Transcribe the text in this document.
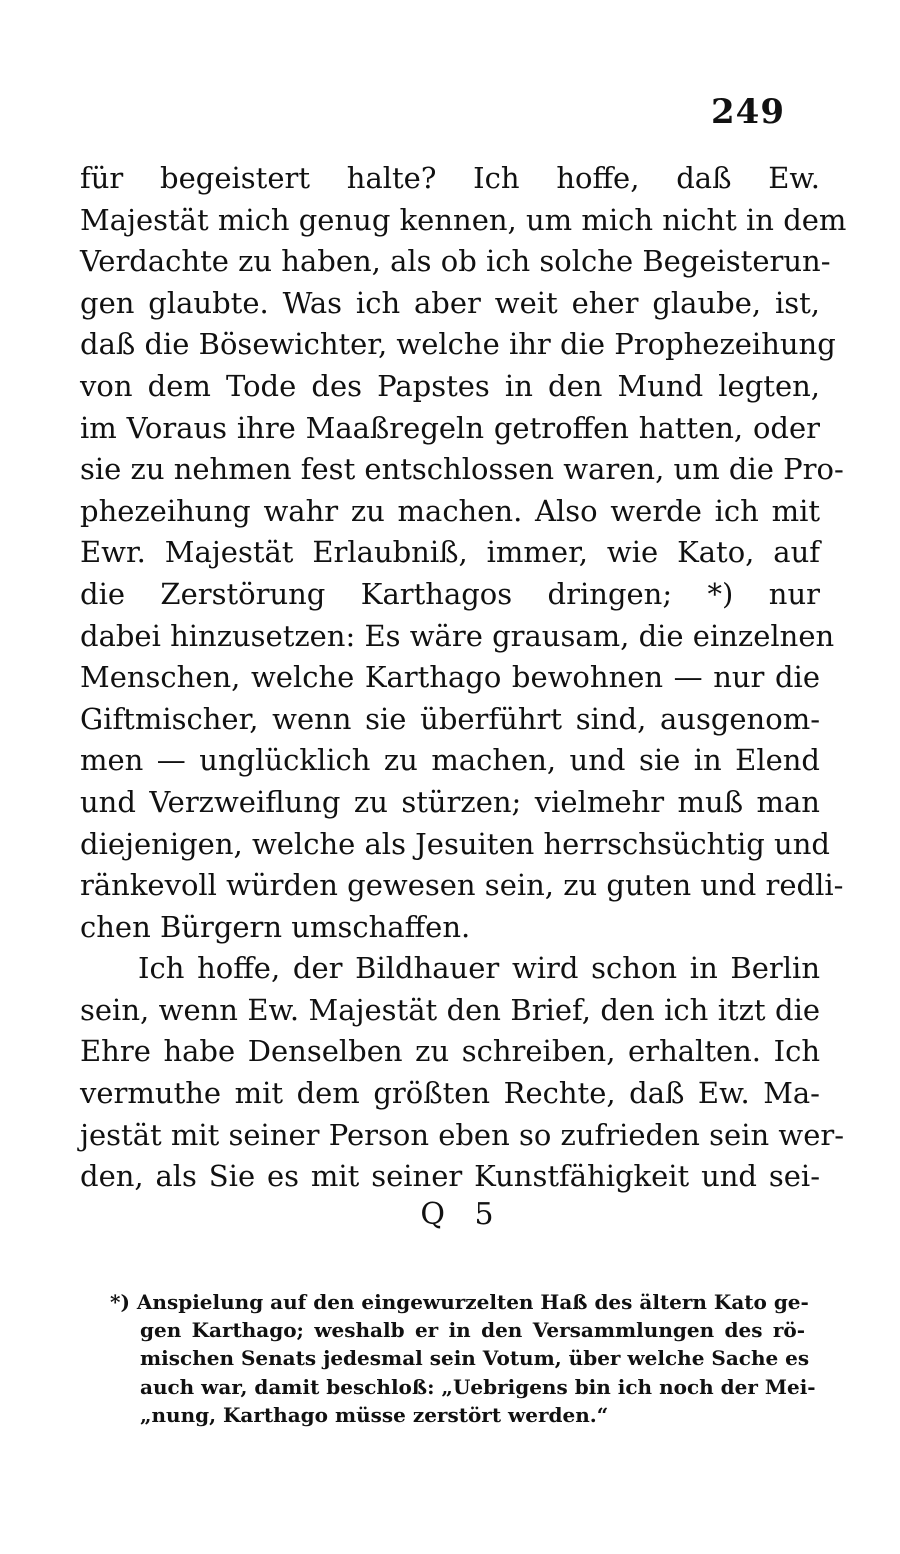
249
für begeistert halte? Ich hoffe, daß Ew.
Majestät mich genug kennen, um mich nicht in dem
Verdachte zu haben, als ob ich solche Begeisterun-
gen glaubte. Was ich aber weit eher glaube, ist,
daß die Bösewichter, welche ihr die Prophezeihung
von dem Tode des Papstes in den Mund legten,
im Voraus ihre Maaßregeln getroffen hatten, oder
sie zu nehmen fest entschlossen waren, um die Pro-
phezeihung wahr zu machen. Also werde ich mit
Ewr. Majestät Erlaubniß, immer, wie Kato, auf
die Zerstörung Karthagos dringen; *) nur
dabei hinzusetzen: Es wäre grausam, die einzelnen
Menschen, welche Karthago bewohnen — nur die
Giftmischer, wenn sie überführt sind, ausgenom-
men — unglücklich zu machen, und sie in Elend
und Verzweiflung zu stürzen; vielmehr muß man
diejenigen, welche als Jesuiten herrschsüchtig und
ränkevoll würden gewesen sein, zu guten und redli-
chen Bürgern umschaffen.
Ich hoffe, der Bildhauer wird schon in Berlin
sein, wenn Ew. Majestät den Brief, den ich itzt die
Ehre habe Denselben zu schreiben, erhalten. Ich
vermuthe mit dem größten Rechte, daß Ew. Ma-
jestät mit seiner Person eben so zufrieden sein wer-
den, als Sie es mit seiner Kunstfähigkeit und sei-
Q 5
*) Anspielung auf den eingewurzelten Haß des ältern Kato ge-
gen Karthago; weshalb er in den Versammlungen des rö-
mischen Senats jedesmal sein Votum, über welche Sache es
auch war, damit beschloß: „Uebrigens bin ich noch der Mei-
„nung, Karthago müsse zerstört werden.“
